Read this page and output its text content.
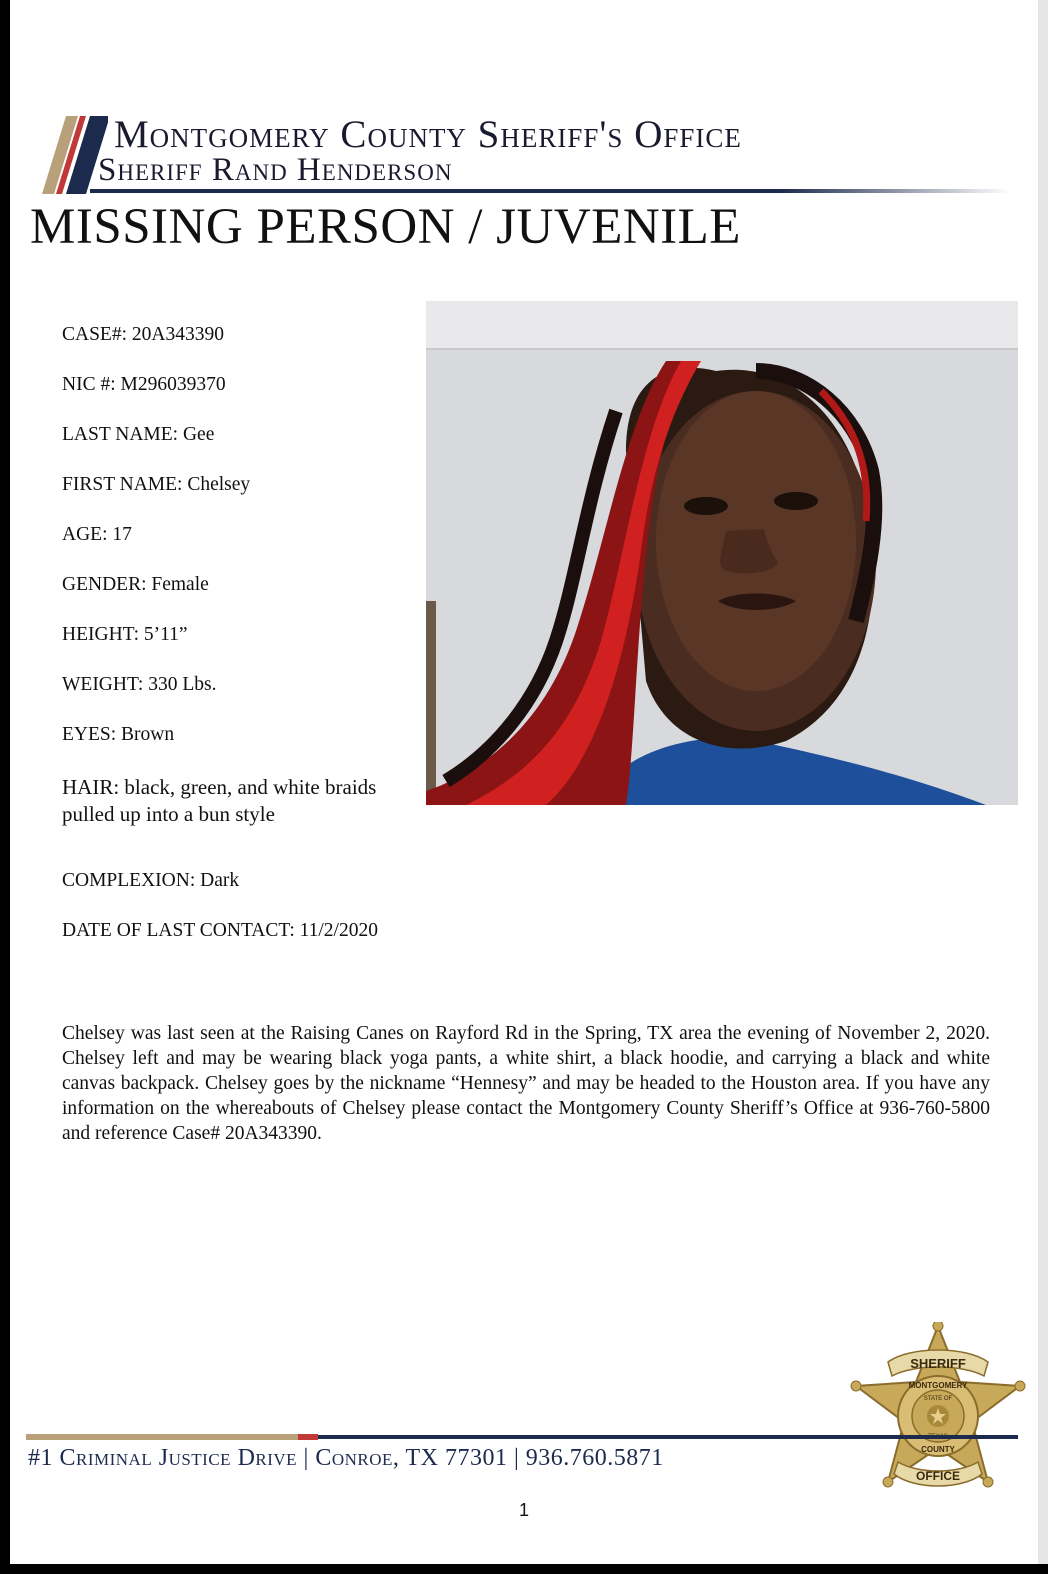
Montgomery County Sheriff's Office
Sheriff Rand Henderson
MISSING PERSON / JUVENILE
CASE#: 20A343390
NIC #: M296039370
LAST NAME: Gee
FIRST NAME: Chelsey
AGE: 17
GENDER: Female
HEIGHT: 5’11”
WEIGHT: 330 Lbs.
EYES: Brown
HAIR: black, green, and white braids pulled up into a bun style
COMPLEXION: Dark
DATE OF LAST CONTACT: 11/2/2020
Chelsey was last seen at the Raising Canes on Rayford Rd in the Spring, TX area the evening of November 2, 2020. Chelsey left and may be wearing black yoga pants, a white shirt, a black hoodie, and carrying a black and white canvas backpack. Chelsey goes by the nickname “Hennesy” and may be headed to the Houston area. If you have any information on the whereabouts of Chelsey please contact the Montgomery County Sheriff’s Office at 936-760-5800 and reference Case# 20A343390.
SHERIFF
OFFICE
MONTGOMERY
STATE OF
COUNTY
#1 Criminal Justice Drive | Conroe, TX 77301 | 936.760.5871
1
